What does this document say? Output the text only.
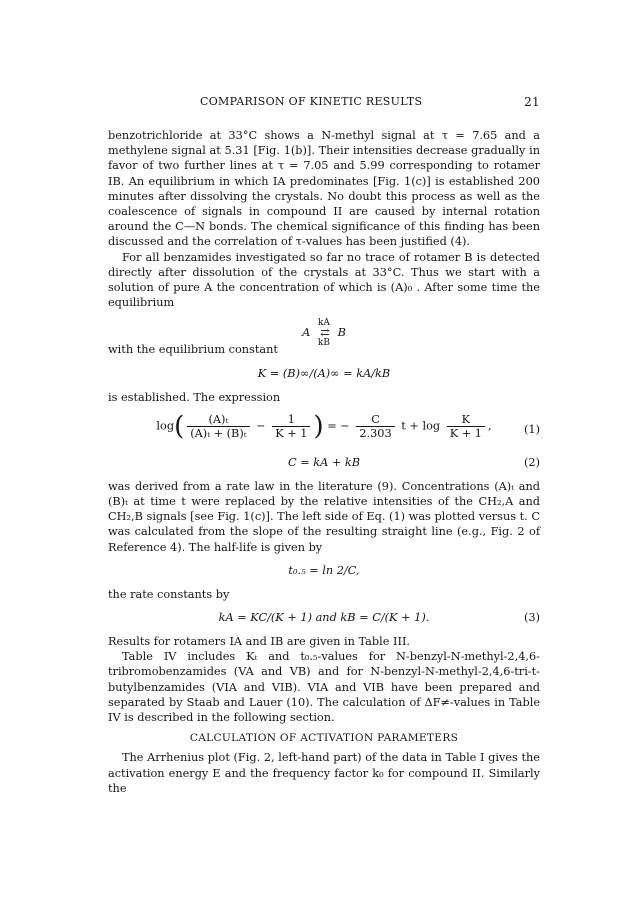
COMPARISON OF KINETIC RESULTS	21

benzotrichloride at 33°C shows a N-methyl signal at τ = 7.65 and a methylene signal at 5.31 [Fig. 1(b)]. Their intensities decrease gradually in favor of two further lines at τ = 7.05 and 5.99 corresponding to rotamer IB. An equilibrium in which IA predominates [Fig. 1(c)] is established 200 minutes after dissolving the crystals. No doubt this process as well as the coalescence of signals in compound II are caused by internal rotation around the C—N bonds. The chemical significance of this finding has been discussed and the correlation of τ-values has been justified (4).

For all benzamides investigated so far no trace of rotamer B is detected directly after dissolution of the crystals at 33°C. Thus we start with a solution of pure A the concentration of which is (A)₀ . After some time the equilibrium

A kA
⇄
kB B

with the equilibrium constant

K = (B)∞/(A)∞ = kA/kB

is established. The expression

$\log( \frac{\text{(A)ₜ}}{\text{(A)ₜ + (B)ₜ}} - \frac{1}{K + 1}$ ) = − $\frac{C}{2.303}$ $t + \log \frac{K}{K + 1}$ ,	(1)
C = kA + kB	(2)

was derived from a rate law in the literature (9). Concentrations (A)ₜ and (B)ₜ at time t were replaced by the relative intensities of the CH₂,A and CH₂,B signals [see Fig. 1(c)]. The left side of Eq. (1) was plotted versus t. C was calculated from the slope of the resulting straight line (e.g., Fig. 2 of Reference 4). The half-life is given by

t₀.₅ = ln 2/C,

the rate constants by

kA = KC/(K + 1) and kB = C/(K + 1).	(3)

Results for rotamers IA and IB are given in Table III.

Table IV includes Kₜ and t₀.₅-values for N-benzyl-N-methyl-2,4,6-tribromobenzamides (VA and VB) and for N-benzyl-N-methyl-2,4,6-tri-t-butylbenzamides (VIA and VIB). VIA and VIB have been prepared and separated by Staab and Lauer (10). The calculation of ΔF≠-values in Table IV is described in the following section.

CALCULATION OF ACTIVATION PARAMETERS

The Arrhenius plot (Fig. 2, left-hand part) of the data in Table I gives the activation energy E and the frequency factor k₀ for compound II. Similarly the
